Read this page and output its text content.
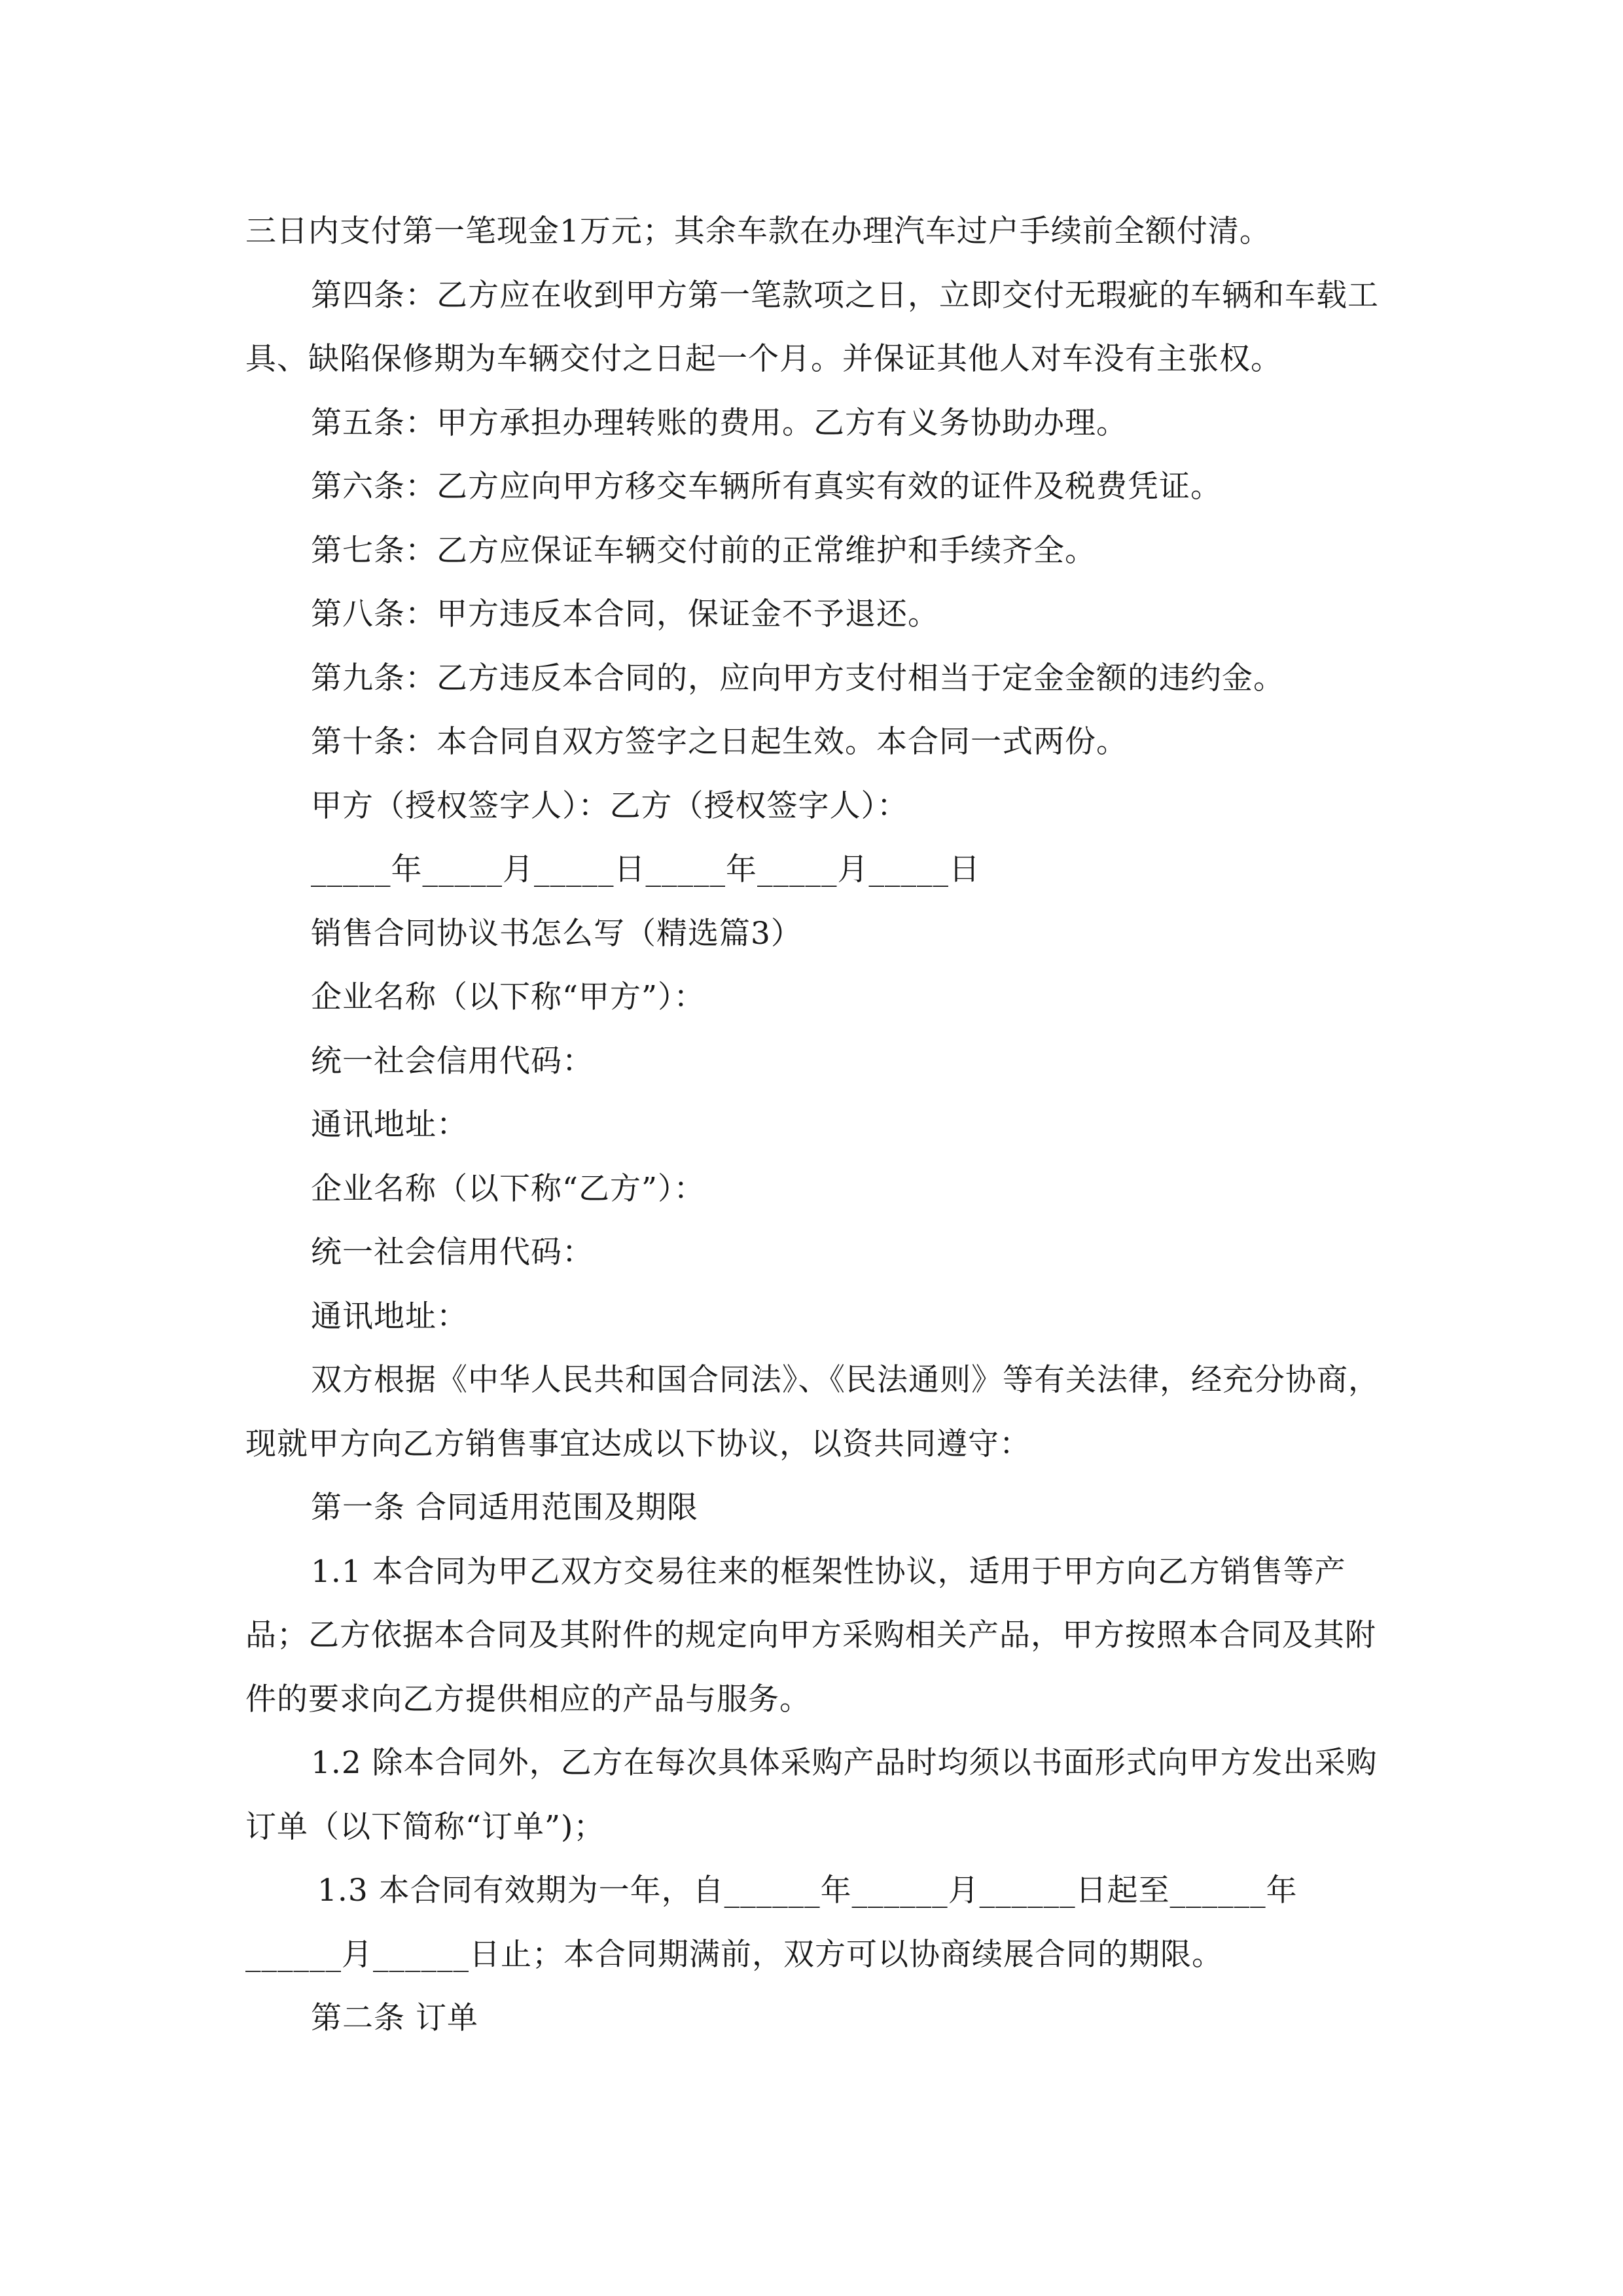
三日内支付第一笔现金1万元；其余车款在办理汽车过户手续前全额付清。

第四条：乙方应在收到甲方第一笔款项之日，立即交付无瑕疵的车辆和车载工具、缺陷保修期为车辆交付之日起一个月。并保证其他人对车没有主张权。

第五条：甲方承担办理转账的费用。乙方有义务协助办理。

第六条：乙方应向甲方移交车辆所有真实有效的证件及税费凭证。

第七条：乙方应保证车辆交付前的正常维护和手续齐全。

第八条：甲方违反本合同，保证金不予退还。

第九条：乙方违反本合同的，应向甲方支付相当于定金金额的违约金。

第十条：本合同自双方签字之日起生效。本合同一式两份。

甲方（授权签字人）：乙方（授权签字人）：

_____年_____月_____日_____年_____月_____日

销售合同协议书怎么写（精选篇3）

企业名称（以下称“甲方”）：

统一社会信用代码：

通讯地址：

企业名称（以下称“乙方”）：

统一社会信用代码：

通讯地址：

双方根据《中华人民共和国合同法》、《民法通则》等有关法律，经充分协商，现就甲方向乙方销售事宜达成以下协议，以资共同遵守：

第一条 合同适用范围及期限

1.1 本合同为甲乙双方交易往来的框架性协议，适用于甲方向乙方销售等产品；乙方依据本合同及其附件的规定向甲方采购相关产品，甲方按照本合同及其附件的要求向乙方提供相应的产品与服务。

1.2 除本合同外，乙方在每次具体采购产品时均须以书面形式向甲方发出采购订单（以下简称“订单”)；

1.3 本合同有效期为一年，自______年______月______日起至______年______月______日止；本合同期满前，双方可以协商续展合同的期限。

第二条 订单
